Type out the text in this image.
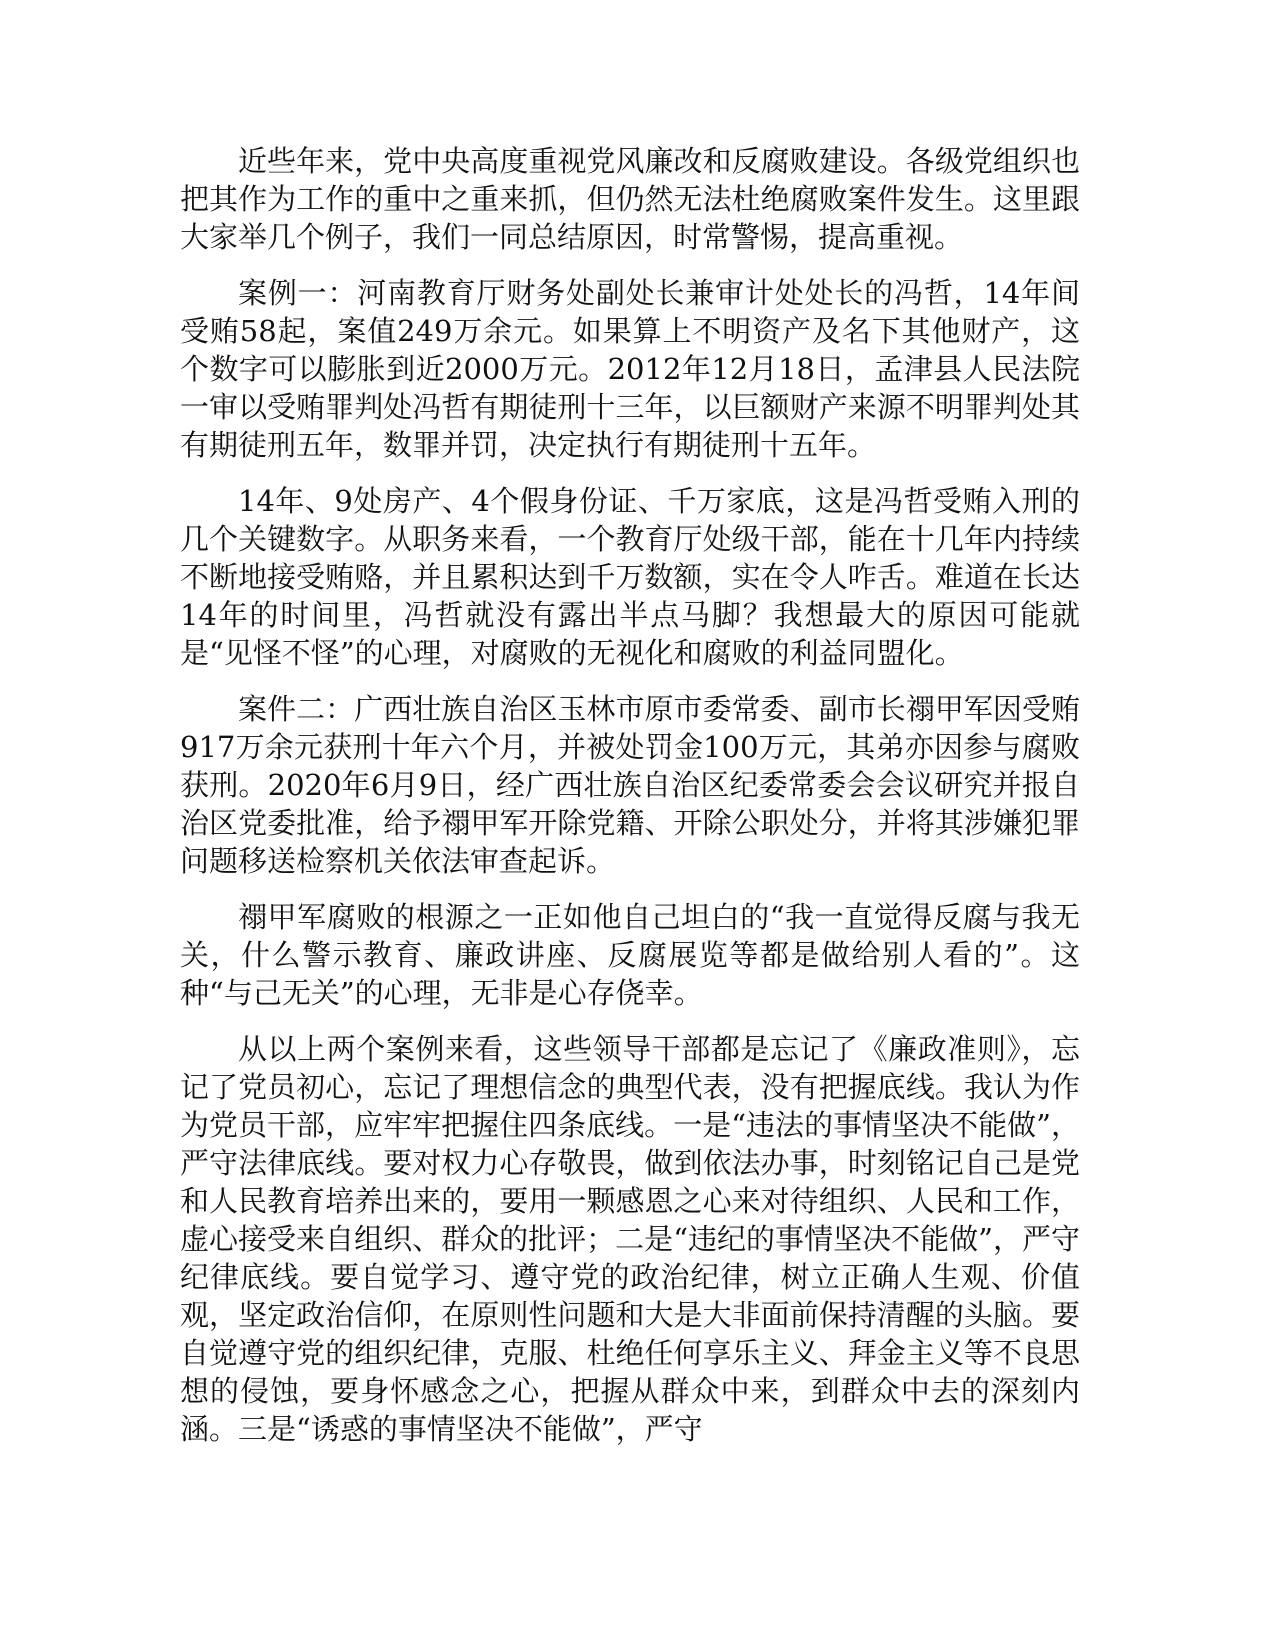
近些年来，党中央高度重视党风廉改和反腐败建设。各级党组织也把其作为工作的重中之重来抓，但仍然无法杜绝腐败案件发生。这里跟大家举几个例子，我们一同总结原因，时常警惕，提高重视。

案例一：河南教育厅财务处副处长兼审计处处长的冯哲，14年间受贿58起，案值249万余元。如果算上不明资产及名下其他财产，这个数字可以膨胀到近2000万元。2012年12月18日，孟津县人民法院一审以受贿罪判处冯哲有期徒刑十三年，以巨额财产来源不明罪判处其有期徒刑五年，数罪并罚，决定执行有期徒刑十五年。

14年、9处房产、4个假身份证、千万家底，这是冯哲受贿入刑的几个关键数字。从职务来看，一个教育厅处级干部，能在十几年内持续不断地接受贿赂，并且累积达到千万数额，实在令人咋舌。难道在长达14年的时间里，冯哲就没有露出半点马脚？我想最大的原因可能就是“见怪不怪”的心理，对腐败的无视化和腐败的利益同盟化。

案件二：广西壮族自治区玉林市原市委常委、副市长禤甲军因受贿917万余元获刑十年六个月，并被处罚金100万元，其弟亦因参与腐败获刑。2020年6月9日，经广西壮族自治区纪委常委会会议研究并报自治区党委批准，给予禤甲军开除党籍、开除公职处分，并将其涉嫌犯罪问题移送检察机关依法审查起诉。

禤甲军腐败的根源之一正如他自己坦白的“我一直觉得反腐与我无关，什么警示教育、廉政讲座、反腐展览等都是做给别人看的”。这种“与己无关”的心理，无非是心存侥幸。

从以上两个案例来看，这些领导干部都是忘记了《廉政准则》，忘记了党员初心，忘记了理想信念的典型代表，没有把握底线。我认为作为党员干部，应牢牢把握住四条底线。一是“违法的事情坚决不能做”，严守法律底线。要对权力心存敬畏，做到依法办事，时刻铭记自己是党和人民教育培养出来的，要用一颗感恩之心来对待组织、人民和工作，虚心接受来自组织、群众的批评；二是“违纪的事情坚决不能做”，严守纪律底线。要自觉学习、遵守党的政治纪律，树立正确人生观、价值观，坚定政治信仰，在原则性问题和大是大非面前保持清醒的头脑。要自觉遵守党的组织纪律，克服、杜绝任何享乐主义、拜金主义等不良思想的侵蚀，要身怀感念之心，把握从群众中来，到群众中去的深刻内涵。三是“诱惑的事情坚决不能做”，严守
